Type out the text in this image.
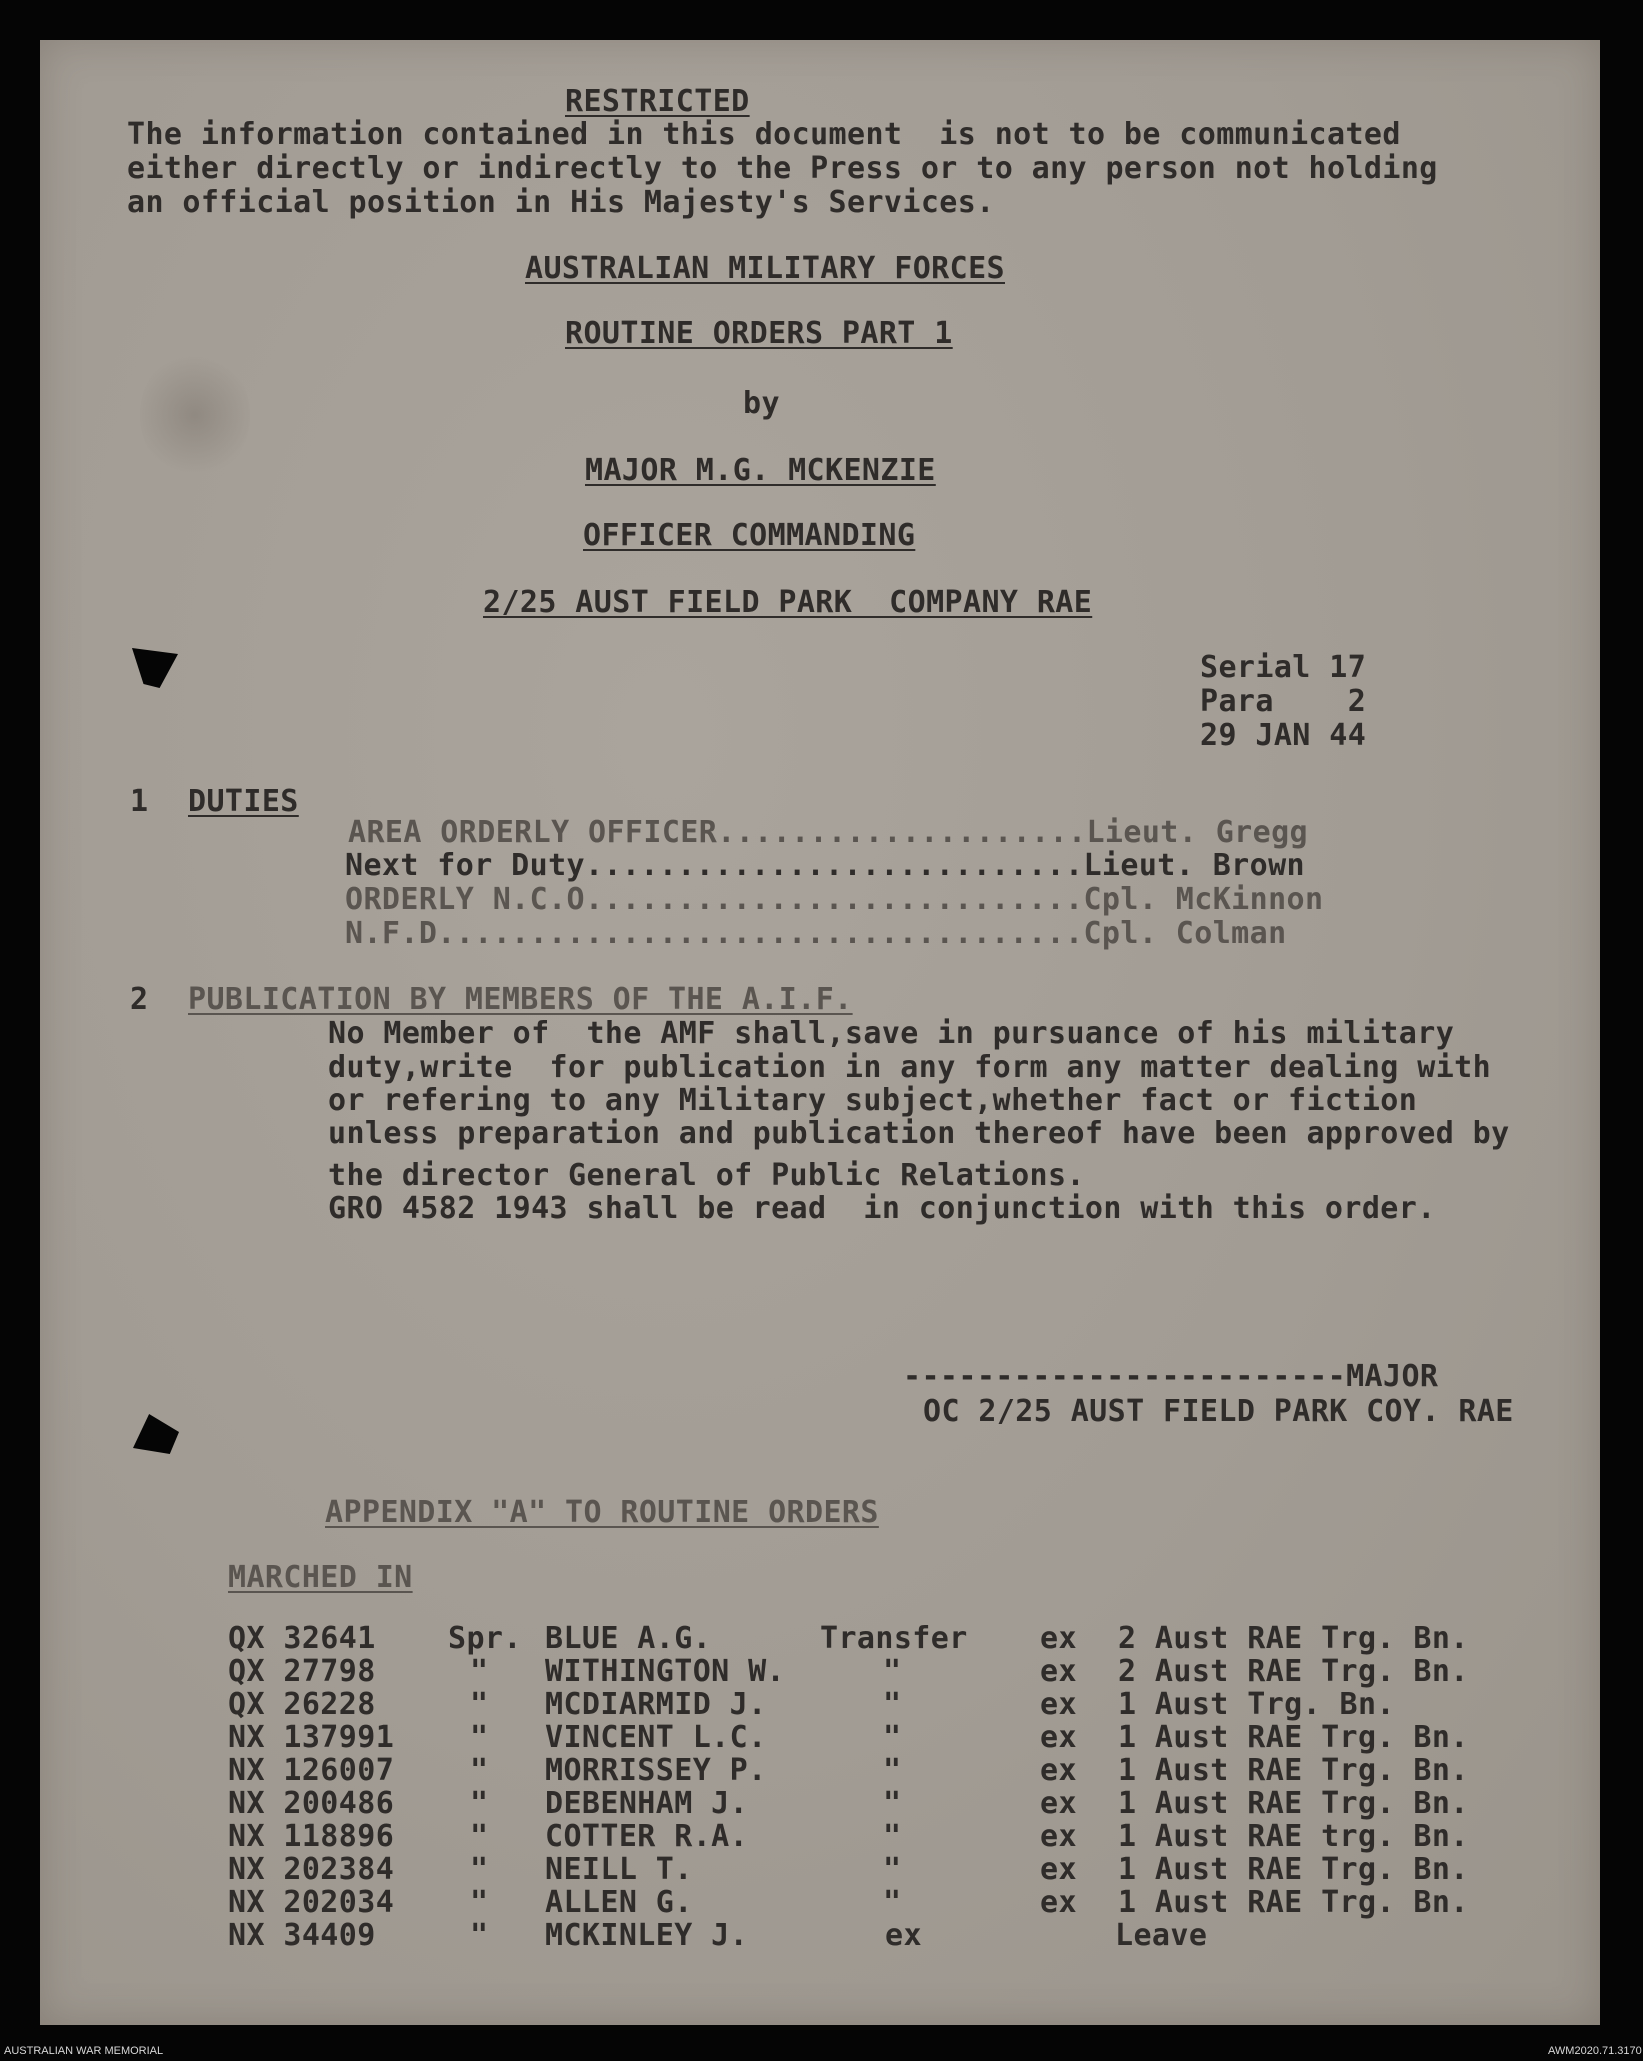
RESTRICTED
The information contained in this document  is not to be communicated
either directly or indirectly to the Press or to any person not holding
an official position in His Majesty's Services.
AUSTRALIAN MILITARY FORCES
ROUTINE ORDERS PART 1
by
MAJOR M.G. MCKENZIE
OFFICER COMMANDING
2/25 AUST FIELD PARK  COMPANY RAE
Serial 17
Para    2
29 JAN 44
1 DUTIES
AREA ORDERLY OFFICER....................Lieut. Gregg
Next for Duty...........................Lieut. Brown
ORDERLY N.C.O...........................Cpl. McKinnon
N.F.D...................................Cpl. Colman
2 PUBLICATION BY MEMBERS OF THE A.I.F.
No Member of  the AMF shall,save in pursuance of his military
duty,write  for publication in any form any matter dealing with
or refering to any Military subject,whether fact or fiction
unless preparation and publication thereof have been approved by
the director General of Public Relations.
GRO 4582 1943 shall be read  in conjunction with this order.
------------------------MAJOR
OC 2/25 AUST FIELD PARK COY. RAE
APPENDIX "A" TO ROUTINE ORDERS
MARCHED IN
QX 32641 Spr. BLUE A.G.	Transfer ex 2 Aust RAE Trg. Bn.
QX 27798	" WITHINGTON W.	"	ex 2 Aust RAE Trg. Bn.
QX 26228	" MCDIARMID J.	"	ex 1 Aust Trg. Bn.
NX 137991	" VINCENT L.C.	"	ex 1 Aust RAE Trg. Bn.
NX 126007	" MORRISSEY P.	"	ex 1 Aust RAE Trg. Bn.
NX 200486	" DEBENHAM J.	"	ex 1 Aust RAE Trg. Bn.
NX 118896	" COTTER R.A.	"	ex 1 Aust RAE trg. Bn.
NX 202384	" NEILL T.	"	ex 1 Aust RAE Trg. Bn.
NX 202034	" ALLEN G.	"	ex 1 Aust RAE Trg. Bn.
NX 34409	" MCKINLEY J.	ex	Leave
AUSTRALIAN WAR MEMORIAL	AWM2020.71.3170
